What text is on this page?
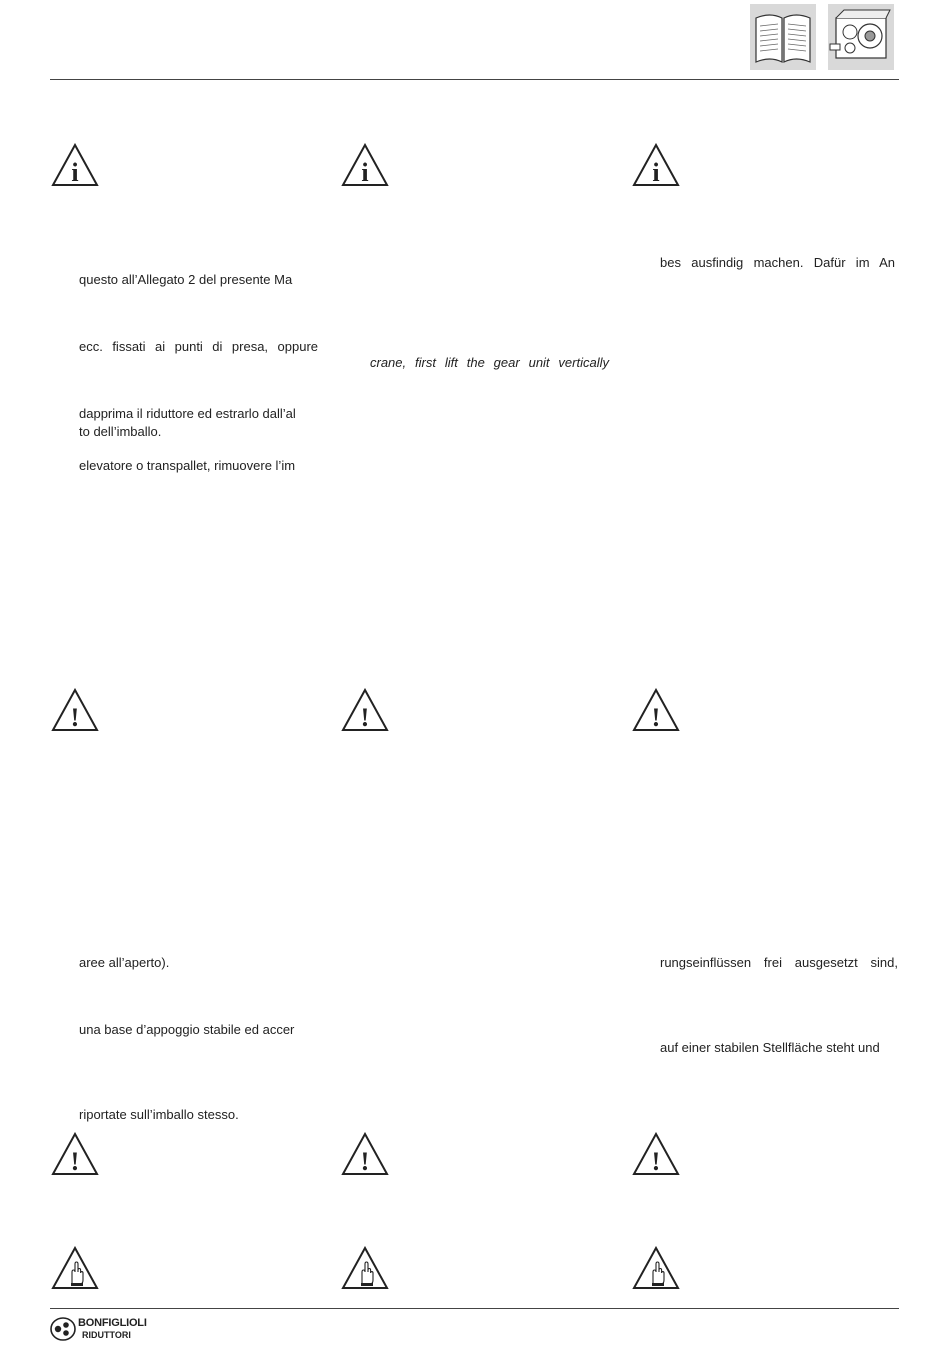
i	i	i
questo all’Allegato 2 del presente Ma
ecc. fissati ai punti di presa, oppure
dapprima il riduttore ed estrarlo dall’al
to dell’imballo.
elevatore o transpallet, rimuovere l’im
crane, first lift the gear unit vertically
bes ausfindig machen. Dafür im An
!	!	!
aree all’aperto).
una base d’appoggio stabile ed accer
riportate sull’imballo stesso.
rungseinflüssen frei ausgesetzt sind,
auf einer stabilen Stellfläche steht und
!	!	!
BONFIGLIOLI
RIDUTTORI
